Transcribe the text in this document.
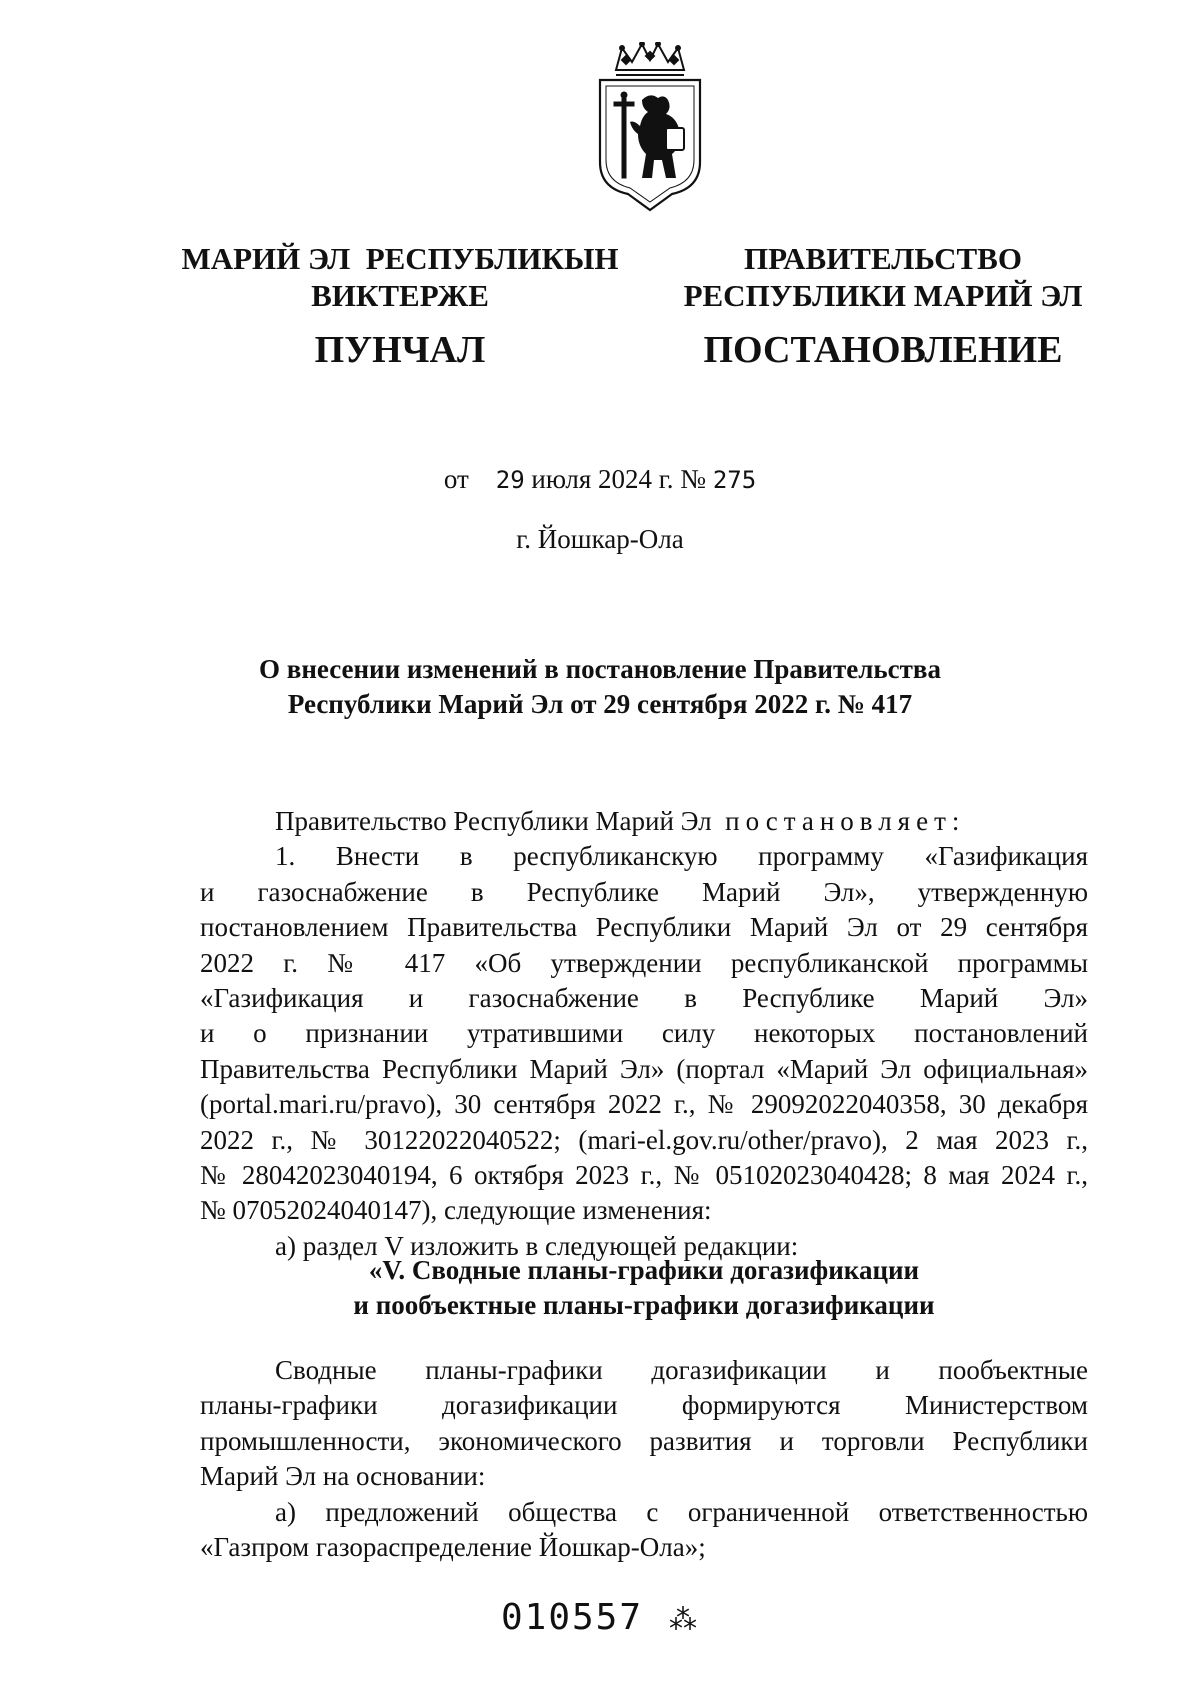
МАРИЙ ЭЛ  РЕСПУБЛИКЫН
ВИКТЕРЖЕ
ПРАВИТЕЛЬСТВО
РЕСПУБЛИКИ МАРИЙ ЭЛ
ПУНЧАЛ	ПОСТАНОВЛЕНИЕ
от 29 июля 2024 г. № 275
г. Йошкар-Ола
О внесении изменений в постановление Правительства
Республики Марий Эл от 29 сентября 2022 г. № 417
Правительство Республики Марий Эл постановляет:
1. Внести в республиканскую программу «Газификация
и газоснабжение в Республике Марий Эл», утвержденную
постановлением Правительства Республики Марий Эл от 29 сентября
2022 г. № 417 «Об утверждении республиканской программы
«Газификация и газоснабжение в Республике Марий Эл»
и о признании утратившими силу некоторых постановлений
Правительства Республики Марий Эл» (портал «Марий Эл официальная»
(portal.mari.ru/pravo), 30 сентября 2022 г., № 29092022040358, 30 декабря
2022 г., № 30122022040522; (mari-el.gov.ru/other/pravo), 2 мая 2023 г.,
№ 28042023040194, 6 октября 2023 г., № 05102023040428; 8 мая 2024 г.,
№ 07052024040147), следующие изменения:
а) раздел V изложить в следующей редакции:
«V. Сводные планы-графики догазификации
и пообъектные планы-графики догазификации
Сводные планы-графики догазификации и пообъектные
планы-графики догазификации формируются Министерством
промышленности, экономического развития и торговли Республики
Марий Эл на основании:
а) предложений общества с ограниченной ответственностью
«Газпром газораспределение Йошкар-Ола»;
010557 ⁂
